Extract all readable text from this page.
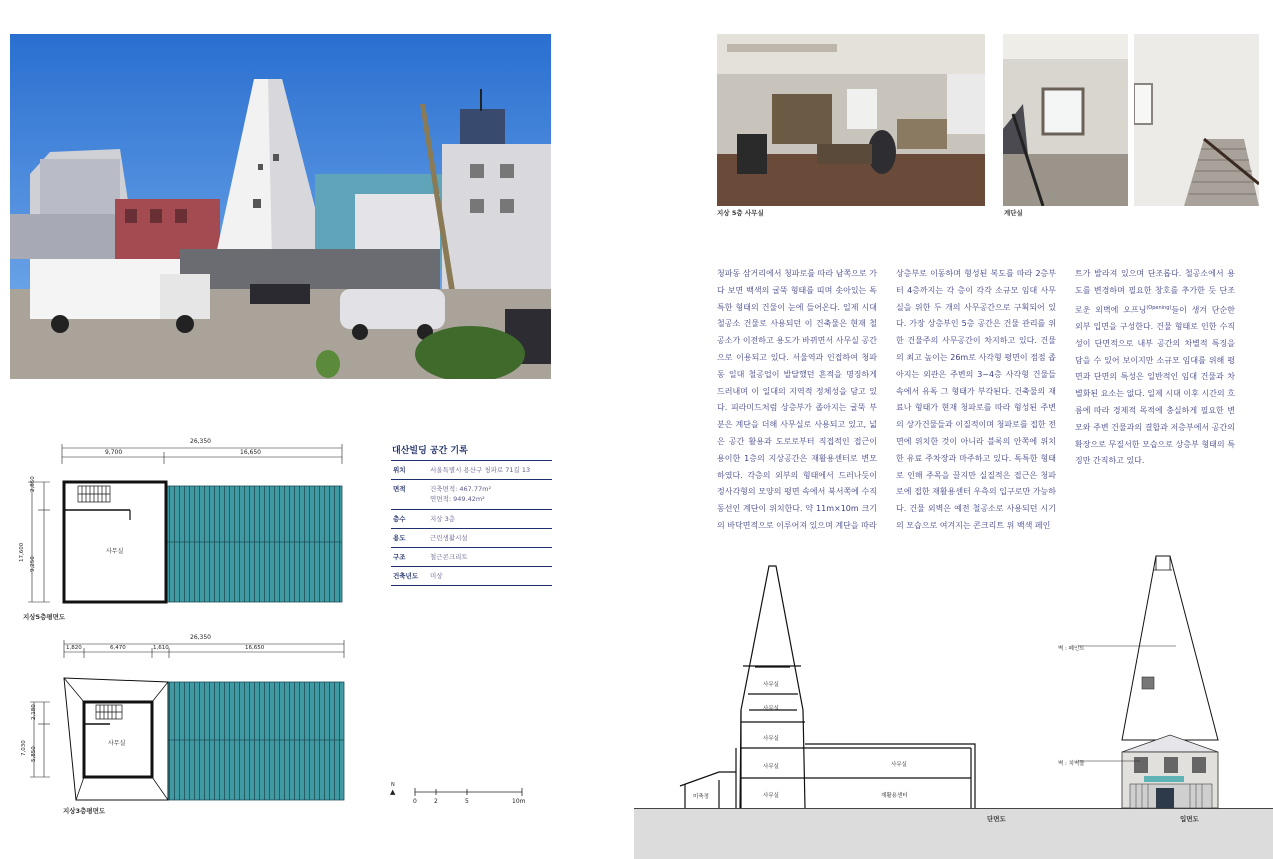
26,350
9,700	16,650
2,850
17,600
9,250
사무실
지상5층평면도
대산빌딩 공간 기록
위치	서울특별시 용산구 청파로 71길 13
면적	건축면적: 467.77m²
연면적: 949.42m²
층수	지상 3층
용도	근린생활시설
구조	철근콘크리트
건축년도	미상
26,350
1,820	6,470	1,610	16,650
2,180
7,030 5,850
사무실
지상3층평면도
N
▲
0	2	5	10m
지상 5층 사무실	계단실
청파동 삼거리에서 청파로를 따라 남쪽으로 가다 보면 백색의 굴뚝 형태를 띠며 솟아있는 독특한 형태의 건물이 눈에 들어온다. 일제 시대 철공소 건물로 사용되던 이 건축물은 현재 철공소가 이전하고 용도가 바뀌면서 사무실 공간으로 이용되고 있다. 서울역과 인접하여 청파동 일대 철공업이 발달했던 흔적을 명징하게 드러내며 이 일대의 지역적 정체성을 담고 있다. 피라미드처럼 상층부가 좁아지는 굴뚝 부분은 계단을 더해 사무실로 사용되고 있고, 넓은 공간 활용과 도로로부터 직접적인 접근이 용이한 1층의 지상공간은 재활용센터로 변모하였다. 각층의 외부의 형태에서 드러나듯이 정사각형의 모양의 평면 속에서 북서쪽에 수직 동선인 계단이 위치한다. 약 11m×10m 크기의 바닥면적으로 이루어져 있으며 계단을 따라
상층부로 이동하며 형성된 복도를 따라 2층부터 4층까지는 각 층이 각각 소규모 임대 사무실을 위한 두 개의 사무공간으로 구획되어 있다. 가장 상층부인 5층 공간은 건물 관리를 위한 건물주의 사무공간이 차지하고 있다. 건물의 최고 높이는 26m로 사각형 평면이 점점 좁아지는 외관은 주변의 3~4층 사각형 건물들 속에서 유독 그 형태가 부각된다. 건축물의 재료나 형태가 현재 청파로를 따라 형성된 주변의 상가건물들과 이질적이며 청파로를 접한 전면에 위치한 것이 아니라 블록의 안쪽에 위치한 유료 주차장과 마주하고 있다. 독특한 형태로 인해 주목을 끌지만 실질적은 접근은 청파로에 접한 재활용센터 우측의 입구로만 가능하다. 건물 외벽은 예전 철공소로 사용되던 시기의 모습으로 여겨지는 콘크리트 위 백색 페인
트가 발라져 있으며 단조롭다. 철공소에서 용도를 변경하며 필요한 창호를 추가한 듯 단조로운 외벽에 오프닝$^{(Opening)}$들이 생겨 단순한 외부 입면을 구성한다. 건물 형태로 인한 수직성이 단면적으로 내부 공간의 차별적 특징을 담을 수 있어 보이지만 소규모 임대를 위해 평면과 단면의 특성은 일반적인 임대 건물과 차별화된 요소는 없다. 일제 시대 이후 시간의 흐름에 따라 경제적 목적에 충실하게 필요한 변모와 주변 건물과의 결합과 저층부에서 공간의 확장으로 무질서한 모습으로 상층부 형태의 특징만 간직하고 있다.
사무실
사무실
사무실
사무실
사무실
사무실
재활용센터
미축정
단면도
벽 : 페인트
벽 : 치벽돌
입면도
